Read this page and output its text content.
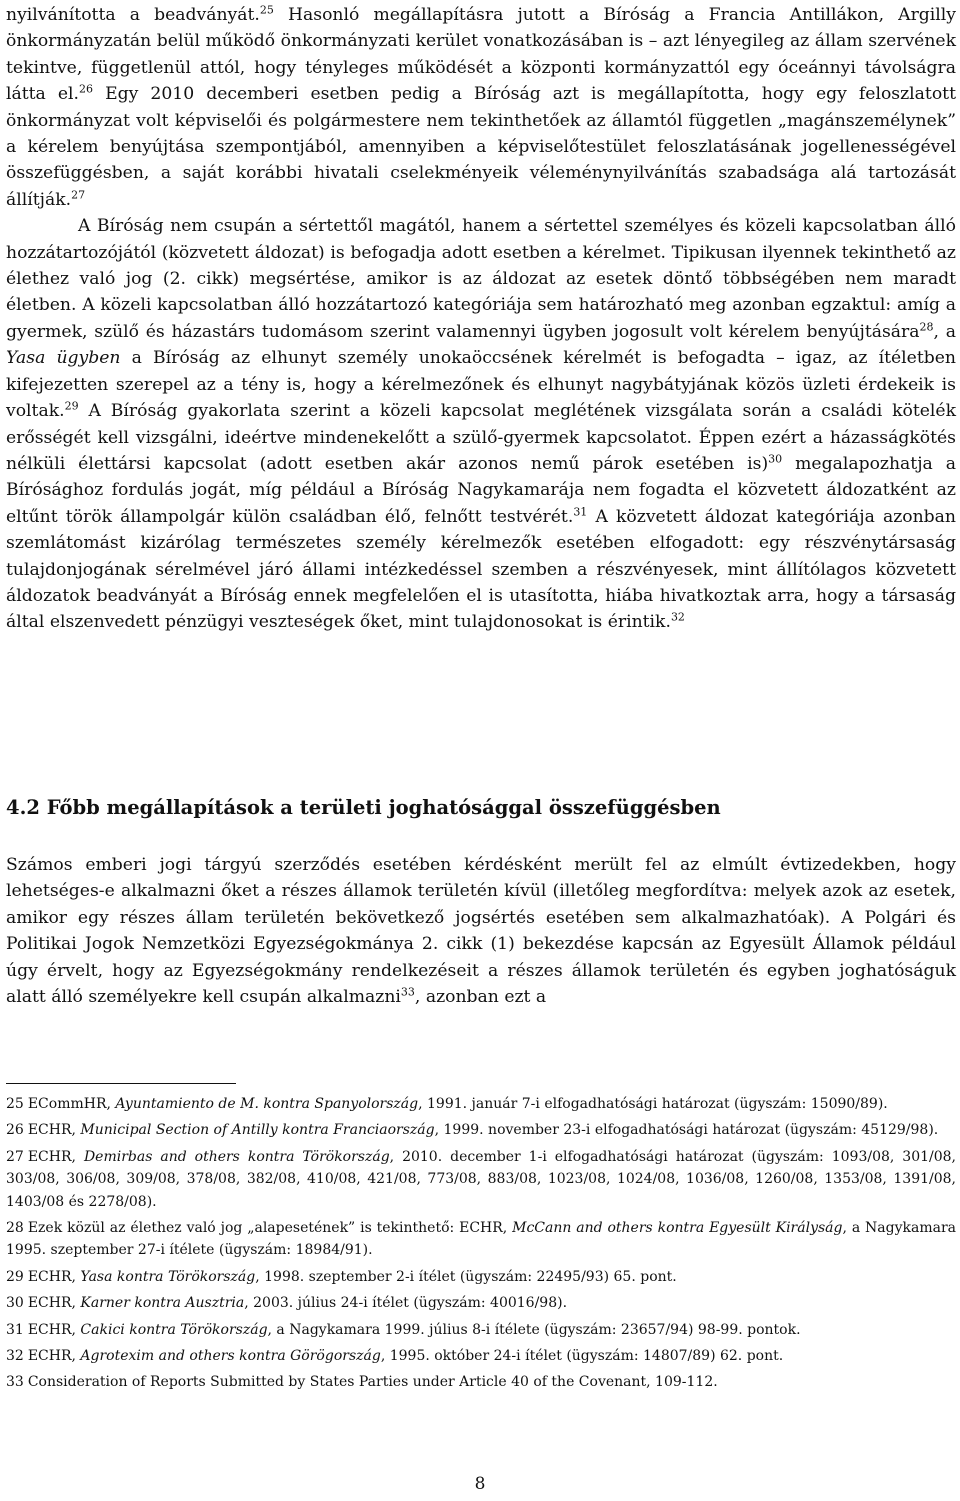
nyilvánította a beadványát.$^{25}$ Hasonló megállapításra jutott a Bíróság a Francia Antillákon, Argilly önkormányzatán belül működő önkormányzati kerület vonatkozásában is – azt lényegileg az állam szervének tekintve, függetlenül attól, hogy tényleges működését a központi kormányzattól egy óceánnyi távolságra látta el.$^{26}$ Egy 2010 decemberi esetben pedig a Bíróság azt is megállapította, hogy egy feloszlatott önkormányzat volt képviselői és polgármestere nem tekinthetőek az államtól független „magánszemélynek” a kérelem benyújtása szempontjából, amennyiben a képviselőtestület feloszlatásának jogellenességével összefüggésben, a saját korábbi hivatali cselekményeik véleménynyilvánítás szabadsága alá tartozását állítják.$^{27}$

A Bíróság nem csupán a sértettől magától, hanem a sértettel személyes és közeli kapcsolatban álló hozzátartozójától (közvetett áldozat) is befogadja adott esetben a kérelmet. Tipikusan ilyennek tekinthető az élethez való jog (2. cikk) megsértése, amikor is az áldozat az esetek döntő többségében nem maradt életben. A közeli kapcsolatban álló hozzátartozó kategóriája sem határozható meg azonban egzaktul: amíg a gyermek, szülő és házastárs tudomásom szerint valamennyi ügyben jogosult volt kérelem benyújtására$^{28}$, a Yasa ügyben a Bíróság az elhunyt személy unokaöccsének kérelmét is befogadta – igaz, az ítéletben kifejezetten szerepel az a tény is, hogy a kérelmezőnek és elhunyt nagybátyjának közös üzleti érdekeik is voltak.$^{29}$ A Bíróság gyakorlata szerint a közeli kapcsolat meglétének vizsgálata során a családi kötelék erősségét kell vizsgálni, ideértve mindenekelőtt a szülő-gyermek kapcsolatot. Éppen ezért a házasságkötés nélküli élettársi kapcsolat (adott esetben akár azonos nemű párok esetében is)$^{30}$ megalapozhatja a Bírósághoz fordulás jogát, míg például a Bíróság Nagykamarája nem fogadta el közvetett áldozatként az eltűnt török állampolgár külön családban élő, felnőtt testvérét.$^{31}$ A közvetett áldozat kategóriája azonban szemlátomást kizárólag természetes személy kérelmezők esetében elfogadott: egy részvénytársaság tulajdonjogának sérelmével járó állami intézkedéssel szemben a részvényesek, mint állítólagos közvetett áldozatok beadványát a Bíróság ennek megfelelően el is utasította, hiába hivatkoztak arra, hogy a társaság által elszenvedett pénzügyi veszteségek őket, mint tulajdonosokat is érintik.$^{32}$

4.2 Főbb megállapítások a területi joghatósággal összefüggésben

Számos emberi jogi tárgyú szerződés esetében kérdésként merült fel az elmúlt évtizedekben, hogy lehetséges-e alkalmazni őket a részes államok területén kívül (illetőleg megfordítva: melyek azok az esetek, amikor egy részes állam területén bekövetkező jogsértés esetében sem alkalmazhatóak). A Polgári és Politikai Jogok Nemzetközi Egyezségokmánya 2. cikk (1) bekezdése kapcsán az Egyesült Államok például úgy érvelt, hogy az Egyezségokmány rendelkezéseit a részes államok területén és egyben joghatóságuk alatt álló személyekre kell csupán alkalmazni$^{33}$, azonban ezt a

25 ECommHR, Ayuntamiento de M. kontra Spanyolország, 1991. január 7-i elfogadhatósági határozat (ügyszám: 15090/89).

26 ECHR, Municipal Section of Antilly kontra Franciaország, 1999. november 23-i elfogadhatósági határozat (ügyszám: 45129/98).

27 ECHR, Demirbas and others kontra Törökország, 2010. december 1-i elfogadhatósági határozat (ügyszám: 1093/08, 301/08, 303/08, 306/08, 309/08, 378/08, 382/08, 410/08, 421/08, 773/08, 883/08, 1023/08, 1024/08, 1036/08, 1260/08, 1353/08, 1391/08, 1403/08 és 2278/08).

28 Ezek közül az élethez való jog „alapesetének” is tekinthető: ECHR, McCann and others kontra Egyesült Királyság, a Nagykamara 1995. szeptember 27-i ítélete (ügyszám: 18984/91).

29 ECHR, Yasa kontra Törökország, 1998. szeptember 2-i ítélet (ügyszám: 22495/93) 65. pont.

30 ECHR, Karner kontra Ausztria, 2003. július 24-i ítélet (ügyszám: 40016/98).

31 ECHR, Cakici kontra Törökország, a Nagykamara 1999. július 8-i ítélete (ügyszám: 23657/94) 98-99. pontok.

32 ECHR, Agrotexim and others kontra Görögország, 1995. október 24-i ítélet (ügyszám: 14807/89) 62. pont.

33 Consideration of Reports Submitted by States Parties under Article 40 of the Covenant, 109-112.

8
